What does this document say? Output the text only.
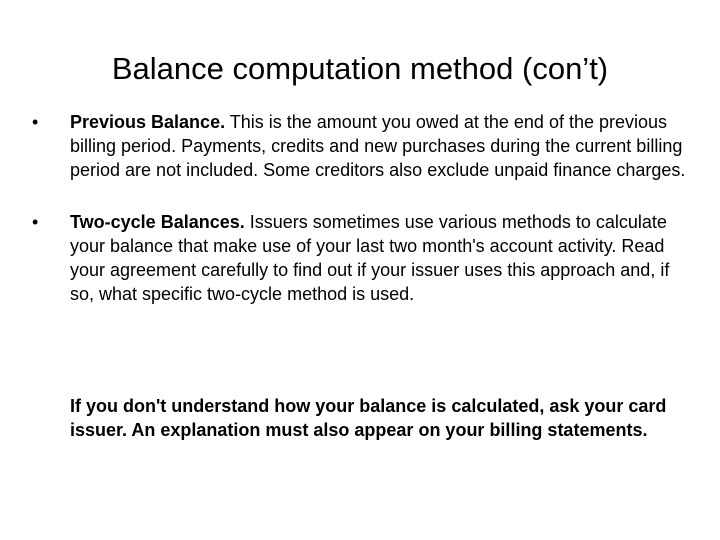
Balance computation method (con’t)
• Previous Balance. This is the amount you owed at the end of the previous billing period. Payments, credits and new purchases during the current billing period are not included. Some creditors also exclude unpaid finance charges.
• Two-cycle Balances. Issuers sometimes use various methods to calculate your balance that make use of your last two month's account activity. Read your agreement carefully to find out if your issuer uses this approach and, if so, what specific two-cycle method is used.
If you don't understand how your balance is calculated, ask your card issuer. An explanation must also appear on your billing statements.
